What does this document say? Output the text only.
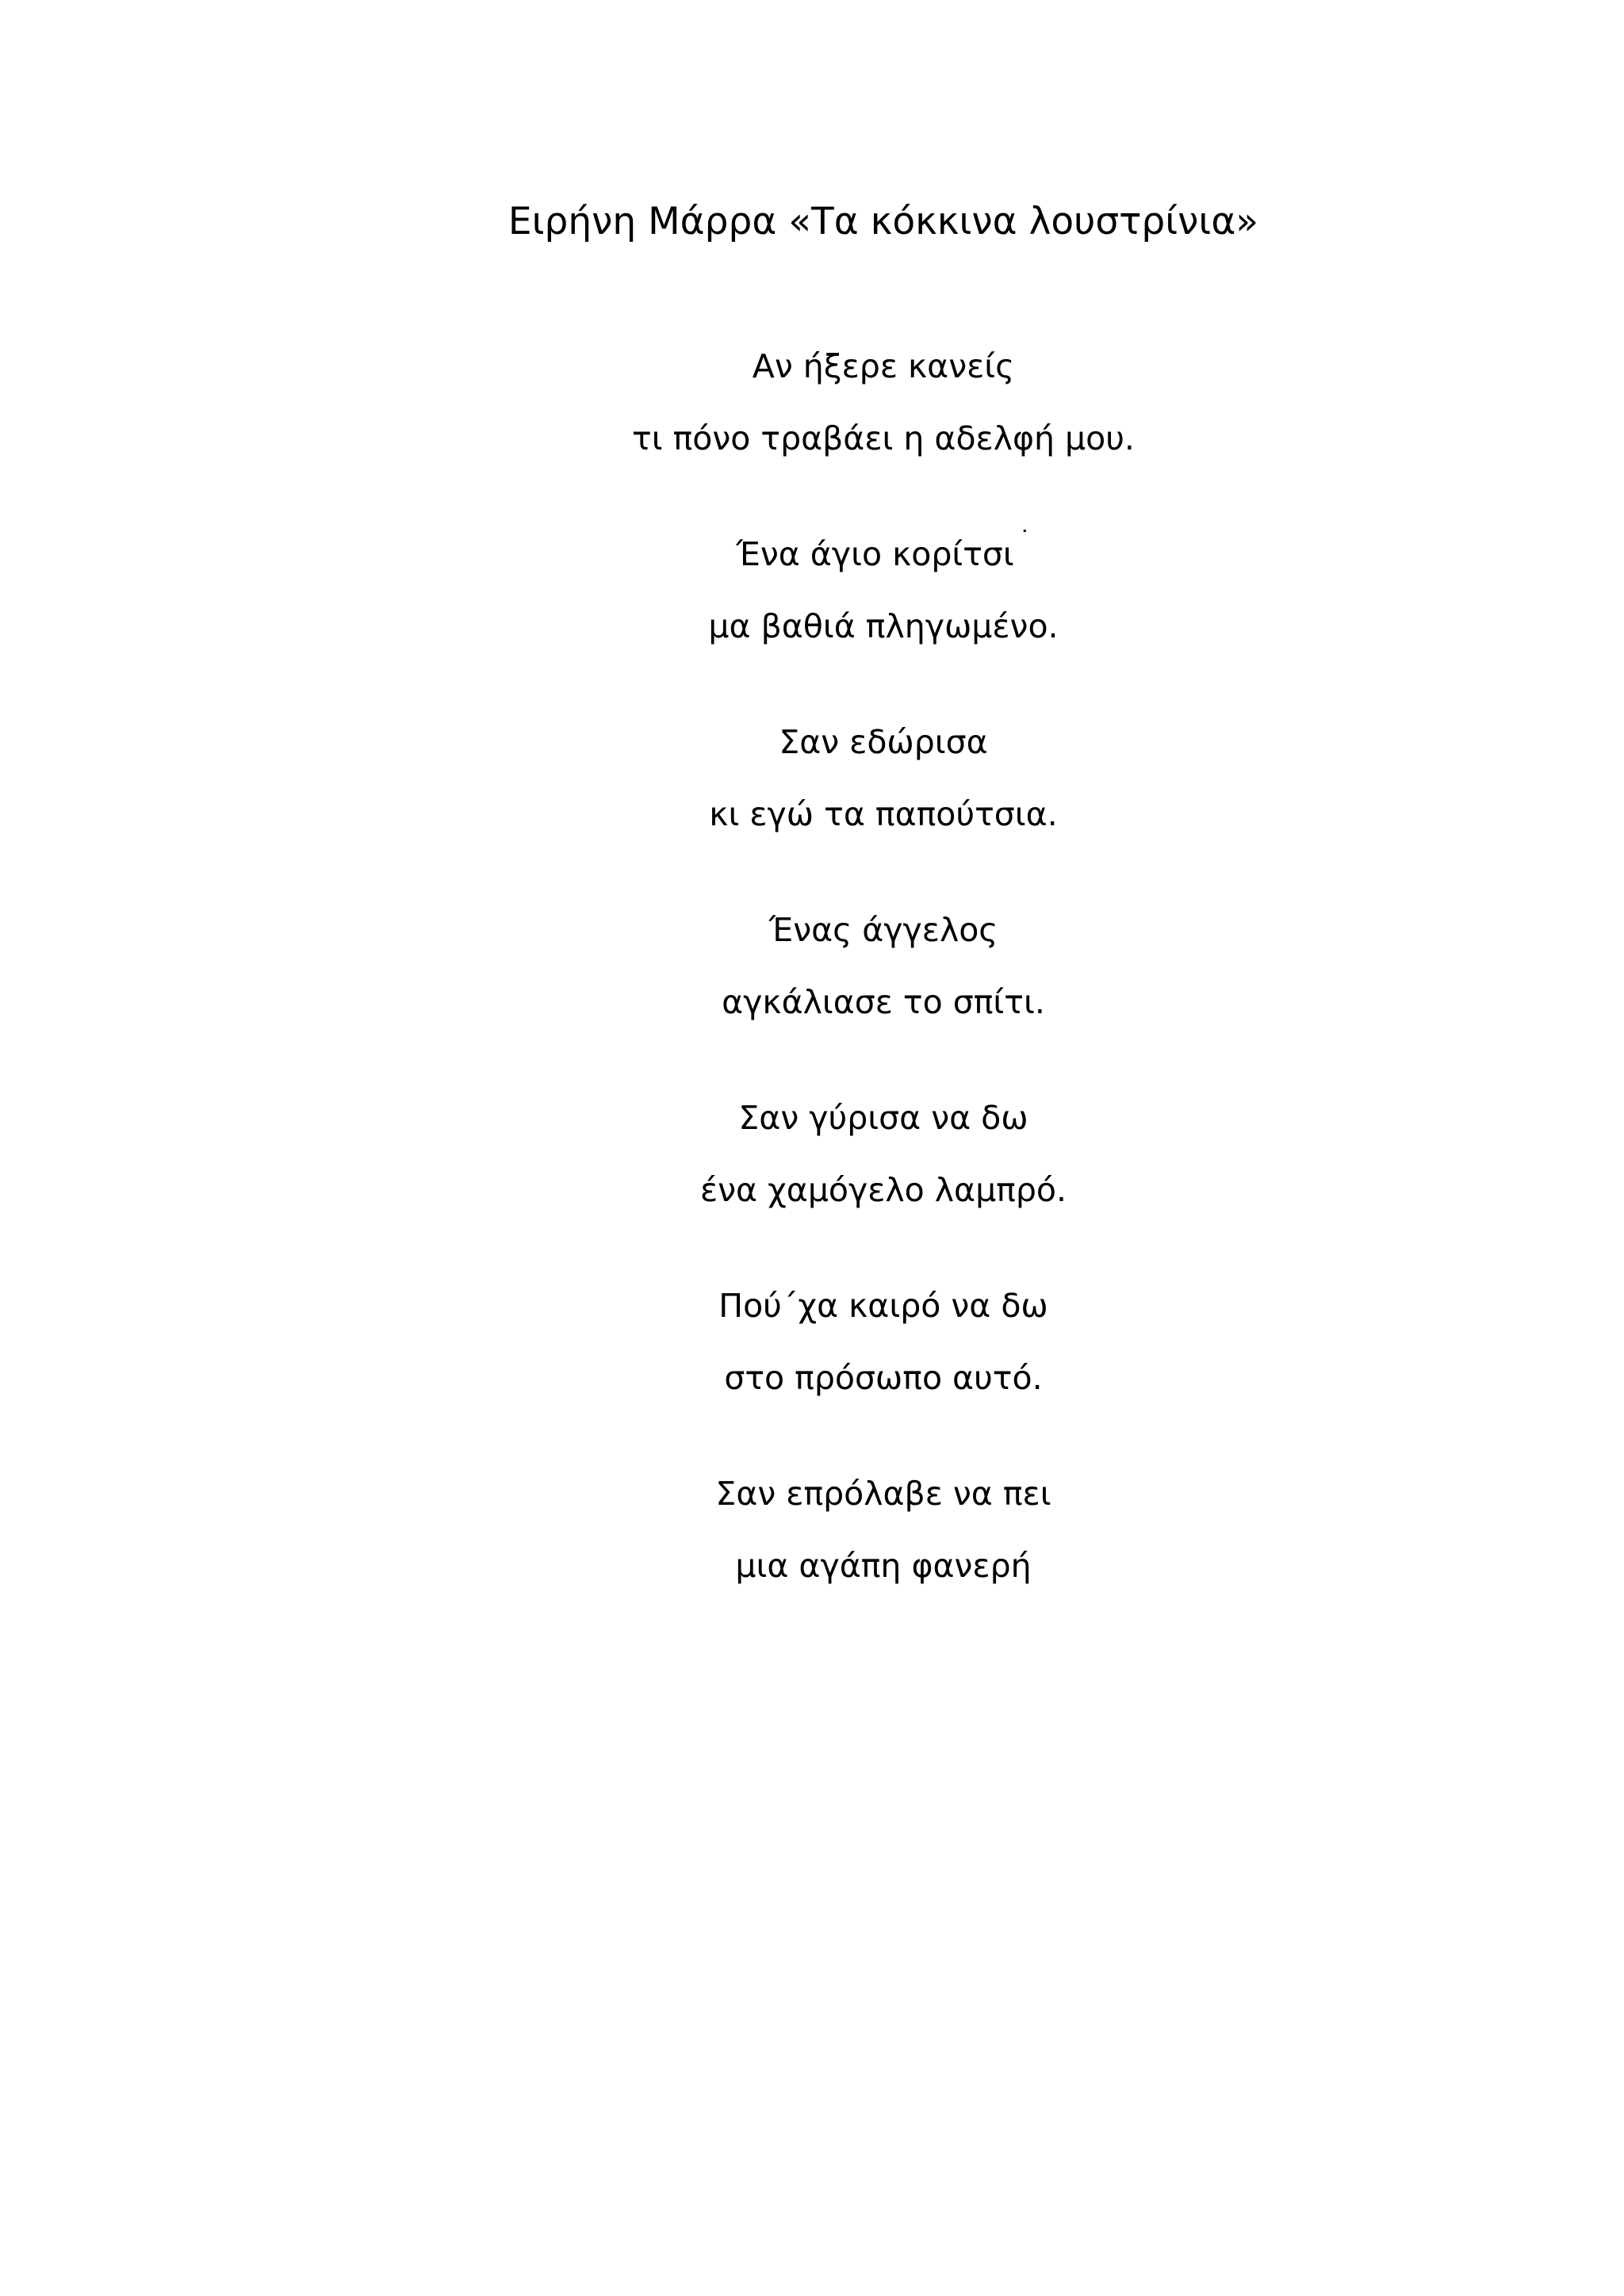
Ειρήνη Μάρρα «Τα κόκκινα λουστρίνια»
Αν ήξερε κανείς
τι πόνο τραβάει η αδελφή μου.
Ένα άγιο κορίτσι ˙
μα βαθιά πληγωμένο.
Σαν εδώρισα
κι εγώ τα παπούτσια.
Ένας άγγελος
αγκάλιασε το σπίτι.
Σαν γύρισα να δω
ένα χαμόγελο λαμπρό.
Πού΄χα καιρό να δω
στο πρόσωπο αυτό.
Σαν επρόλαβε να πει
μια αγάπη φανερή
